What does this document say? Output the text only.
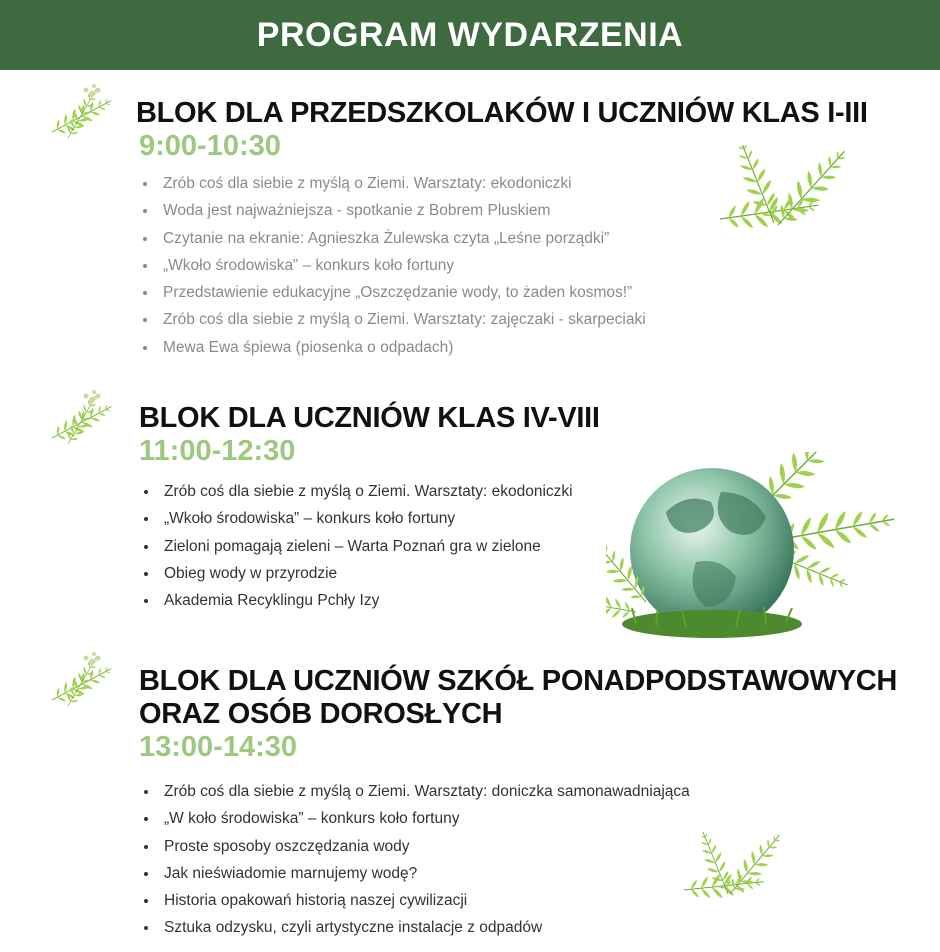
PROGRAM WYDARZENIA
BLOK DLA PRZEDSZKOLAKÓW I UCZNIÓW KLAS I-III
9:00-10:30
Zrób coś dla siebie z myślą o Ziemi. Warsztaty: ekodoniczki
Woda jest najważniejsza - spotkanie z Bobrem Pluskiem
Czytanie na ekranie: Agnieszka Żulewska czyta „Leśne porządki”
„Wkoło środowiska” – konkurs koło fortuny
Przedstawienie edukacyjne „Oszczędzanie wody, to żaden kosmos!”
Zrób coś dla siebie z myślą o Ziemi. Warsztaty: zajęczaki - skarpeciaki
Mewa Ewa śpiewa (piosenka o odpadach)
BLOK DLA UCZNIÓW KLAS IV-VIII
11:00-12:30
Zrób coś dla siebie z myślą o Ziemi. Warsztaty: ekodoniczki
„Wkoło środowiska” – konkurs koło fortuny
Zieloni pomagają zieleni – Warta Poznań gra w zielone
Obieg wody w przyrodzie
Akademia Recyklingu Pchły Izy
BLOK DLA UCZNIÓW SZKÓŁ PONADPODSTAWOWYCH
ORAZ OSÓB DOROSŁYCH
13:00-14:30
Zrób coś dla siebie z myślą o Ziemi. Warsztaty: doniczka samonawadniająca
„W koło środowiska” – konkurs koło fortuny
Proste sposoby oszczędzania wody
Jak nieświadomie marnujemy wodę?
Historia opakowań historią naszej cywilizacji
Sztuka odzysku, czyli artystyczne instalacje z odpadów
